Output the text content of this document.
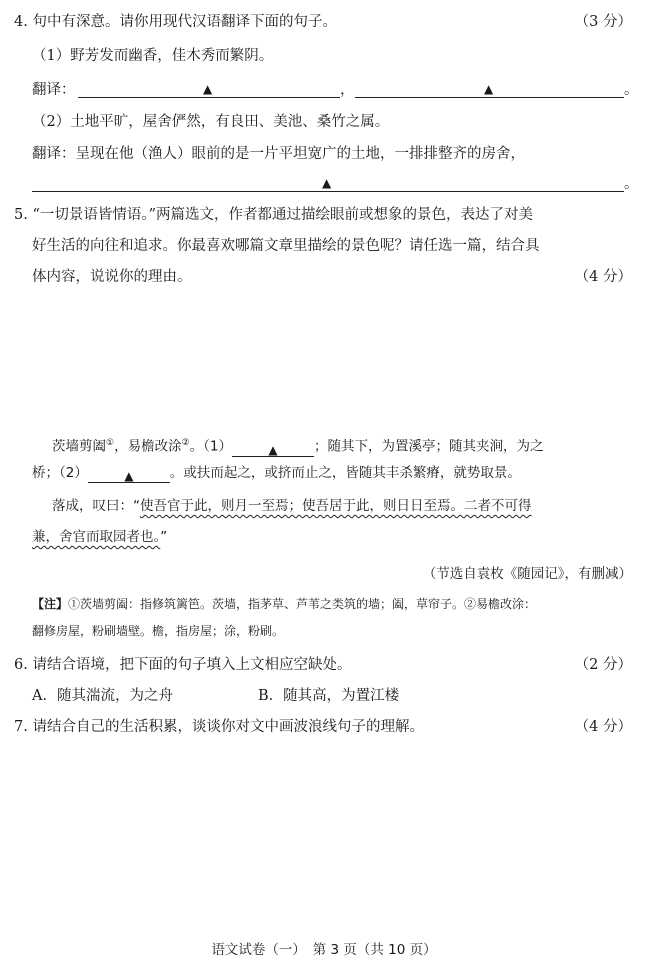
4. 句中有深意。请你用现代汉语翻译下面的句子。	（3 分）
（1）野芳发而幽香，佳木秀而繁阴。
翻译：	▲	，	▲	。
（2）土地平旷，屋舍俨然，有良田、美池、桑竹之属。
翻译：呈现在他（渔人）眼前的是一片平坦宽广的土地，一排排整齐的房舍，
▲	。
5. “一切景语皆情语。”两篇选文，作者都通过描绘眼前或想象的景色，表达了对美
好生活的向往和追求。你最喜欢哪篇文章里描绘的景色呢？请任选一篇，结合具
体内容，说说你的理由。	（4 分）
茨墙剪阖①，易檐改涂②。（1）	▲	；随其下，为置溪亭；随其夹涧，为之
桥；（2）	▲	。或扶而起之，或挤而止之，皆随其丰杀繁瘠，就势取景。
落成，叹曰：“使吾官于此，则月一至焉；使吾居于此，则日日至焉。二者不可得
兼，舍官而取园者也。”
（节选自袁枚《随园记》，有删减）
【注】①茨墙剪阖：指修筑篱笆。茨墙，指茅草、芦苇之类筑的墙；阖，草帘子。②易檐改涂：
翻修房屋，粉刷墙壁。檐，指房屋；涂，粉刷。
6. 请结合语境，把下面的句子填入上文相应空缺处。	（2 分）
A．随其湍流，为之舟	B．随其高，为置江楼
7. 请结合自己的生活积累，谈谈你对文中画波浪线句子的理解。	（4 分）
语文试卷（一）　第 3 页（共 10 页）
